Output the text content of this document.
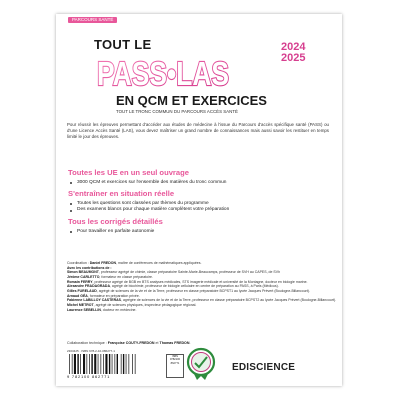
PARCOURS SANTÉ
TOUT LE
PASS•LAS
2024
2025
EN QCM ET EXERCICES
TOUT LE TRONC COMMUN DU PARCOURS ACCÈS SANTÉ

Pour réussir les épreuves permettant d'accéder aux études de médecine à l'issue du Parcours d'accès spécifique santé (PASS) ou d'une Licence Accès Santé (LAS), vous devez maîtriser un grand nombre de connaissances mais aussi savoir les restituer en temps limité le jour des épreuves.

Toutes les UE en un seul ouvrage
3000 QCM et exercices sur l'ensemble des matières du tronc commun
S'entraîner en situation réelle
Toutes les questions sont classées par thèmes du programme
Des examens blancs pour chaque matière complètent votre préparation
Tous les corrigés détaillés
Pour travailler en parfaite autonomie
Coordination : Daniel FREDON, maître de conférences de mathématiques appliquées.
Avec les contributions de :
Simon BEAUMONT, professeur agrégé de chimie, classe préparatoire Sainte-Marie-Beaucamps, professeur de SVH au CAPES, de SVh
Jérôme CARLETTO, formateur en classe préparatoire.
Romain FERRY, professeur agrégé de BGB en BTS analyses médicales, STS imagerie médicale et université de la Montagne, docteur en biologie marine.
Alexandre FRADAGRADA, agrégé de biochimie, professeur de biologie cellulaire en centre de préparation au PASS, à Paris (Médicus).
Gilles FURELAUD, agrégé de sciences de la vie et de la Terre, professeur en classe préparatoire BCPST1 au lycée Jacques Prévert (Boulogne-Billancourt).
Arnaud GÉA, formateur en préparation privée.
Fabienne LABILLOY CASTERAS, agrégée de sciences de la vie et de la Terre, professeur en classe préparatoire BCPST2 au lycée Jacques Prévert (Boulogne-Billancourt).
Michel METROT, agrégé de sciences physiques, inspecteur pédagogique régional.
Laurence SEBELLIN, docteur en médecine.
Collaboration technique : Françoise COUTY-FREDON et Thomas FREDON.
2303425 · ISBN 978-2-10-086277-1
9 782100 862771
ISBN
9782100
862771	EDISCIENCE
